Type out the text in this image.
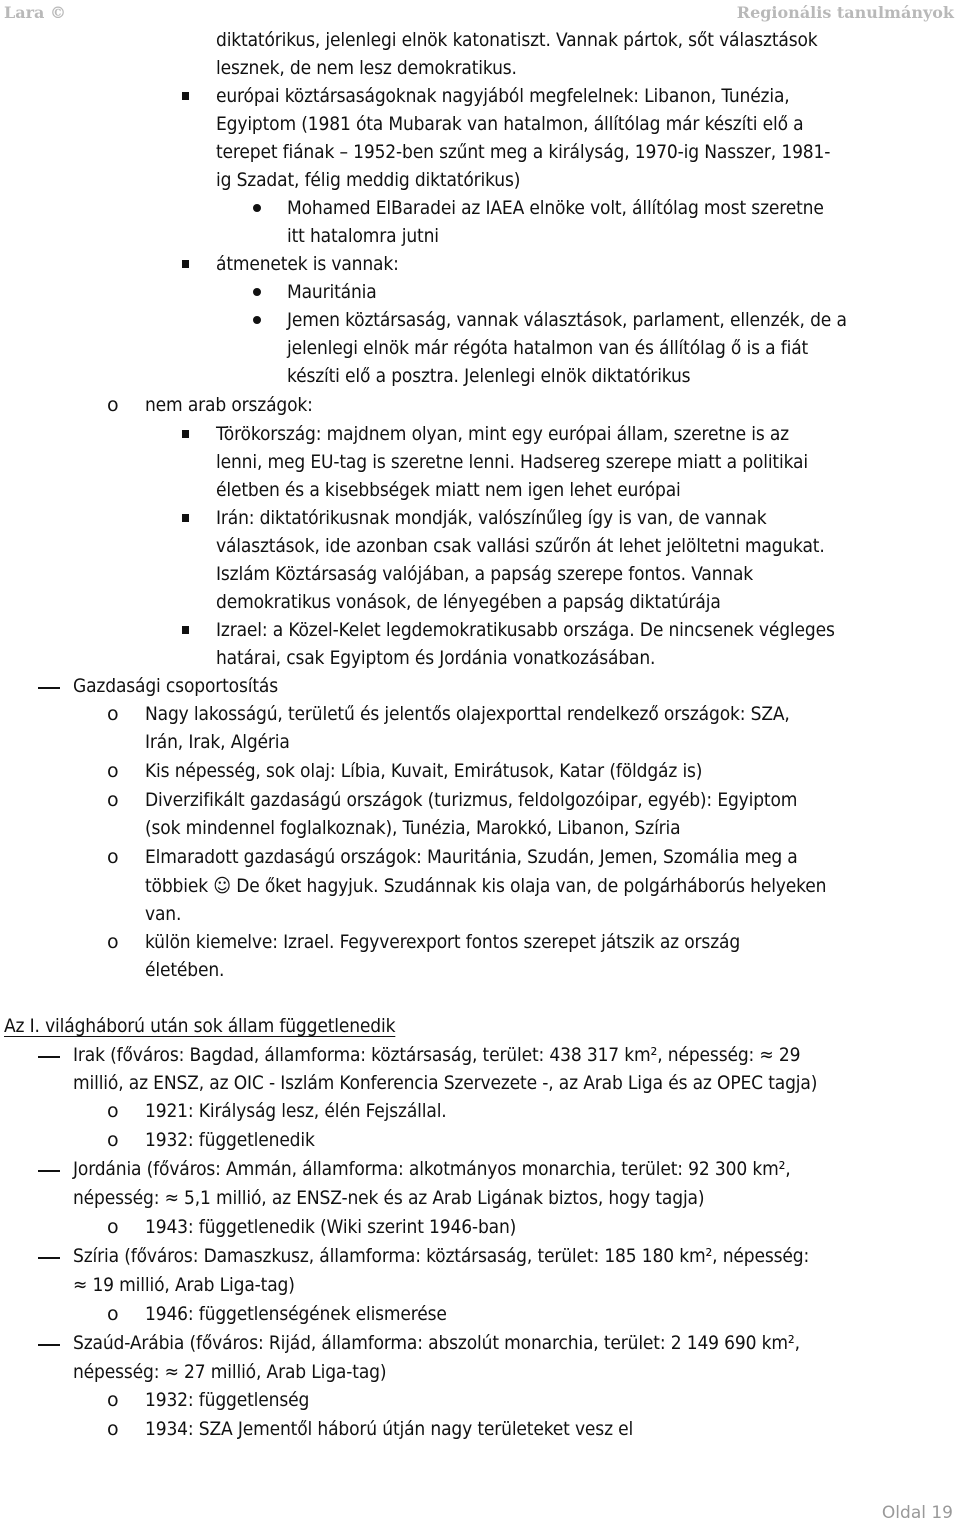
Lara ©	Regionális tanulmányok
diktatórikus, jelenlegi elnök katonatiszt. Vannak pártok, sőt választások
lesznek, de nem lesz demokratikus.
európai köztársaságoknak nagyjából megfelelnek: Libanon, Tunézia,
Egyiptom (1981 óta Mubarak van hatalmon, állítólag már készíti elő a
terepet fiának – 1952-ben szűnt meg a királyság, 1970-ig Nasszer, 1981-
ig Szadat, félig meddig diktatórikus)
Mohamed ElBaradei az IAEA elnöke volt, állítólag most szeretne
itt hatalomra jutni
átmenetek is vannak:
Mauritánia
Jemen köztársaság, vannak választások, parlament, ellenzék, de a
jelenlegi elnök már régóta hatalmon van és állítólag ő is a fiát
készíti elő a posztra. Jelenlegi elnök diktatórikus
o nem arab országok:
Törökország: majdnem olyan, mint egy európai állam, szeretne is az
lenni, meg EU-tag is szeretne lenni. Hadsereg szerepe miatt a politikai
életben és a kisebbségek miatt nem igen lehet európai
Irán: diktatórikusnak mondják, valószínűleg így is van, de vannak
választások, ide azonban csak vallási szűrőn át lehet jelöltetni magukat.
Iszlám Köztársaság valójában, a papság szerepe fontos. Vannak
demokratikus vonások, de lényegében a papság diktatúrája
Izrael: a Közel-Kelet legdemokratikusabb országa. De nincsenek végleges
határai, csak Egyiptom és Jordánia vonatkozásában.
Gazdasági csoportosítás
o Nagy lakosságú, területű és jelentős olajexporttal rendelkező országok: SZA,
Irán, Irak, Algéria
o Kis népesség, sok olaj: Líbia, Kuvait, Emirátusok, Katar (földgáz is)
o Diverzifikált gazdaságú országok (turizmus, feldolgozóipar, egyéb): Egyiptom
(sok mindennel foglalkoznak), Tunézia, Marokkó, Libanon, Szíria
o Elmaradott gazdaságú országok: Mauritánia, Szudán, Jemen, Szomália meg a
többiek ☺ De őket hagyjuk. Szudánnak kis olaja van, de polgárháborús helyeken
van.
o külön kiemelve: Izrael. Fegyverexport fontos szerepet játszik az ország
életében.
Az I. világháború után sok állam függetlenedik
Irak (főváros: Bagdad, államforma: köztársaság, terület: 438 317 km², népesség: ≈ 29
millió, az ENSZ, az OIC - Iszlám Konferencia Szervezete -, az Arab Liga és az OPEC tagja)
o 1921: Királyság lesz, élén Fejszállal.
o 1932: függetlenedik
Jordánia (főváros: Ammán, államforma: alkotmányos monarchia, terület: 92 300 km²,
népesség: ≈ 5,1 millió, az ENSZ-nek és az Arab Ligának biztos, hogy tagja)
o 1943: függetlenedik (Wiki szerint 1946-ban)
Szíria (főváros: Damaszkusz, államforma: köztársaság, terület: 185 180 km², népesség:
≈ 19 millió, Arab Liga-tag)
o 1946: függetlenségének elismerése
Szaúd-Arábia (főváros: Rijád, államforma: abszolút monarchia, terület: 2 149 690 km²,
népesség: ≈ 27 millió, Arab Liga-tag)
o 1932: függetlenség
o 1934: SZA Jementől háború útján nagy területeket vesz el
Oldal 19
